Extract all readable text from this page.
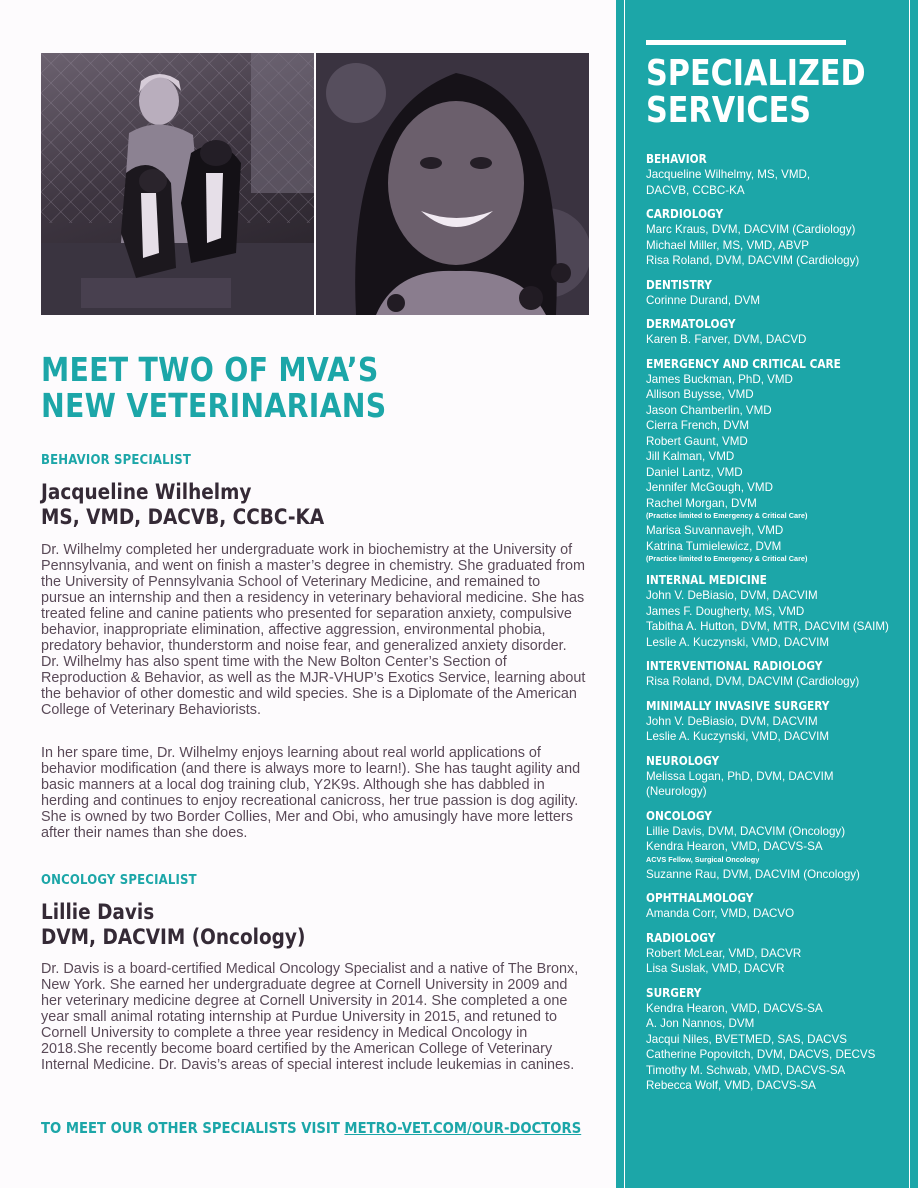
MEET TWO OF MVA’S
NEW VETERINARIANS
BEHAVIOR SPECIALIST
Jacqueline Wilhelmy
MS, VMD, DACVB, CCBC-KA

Dr. Wilhelmy completed her undergraduate work in biochemistry at the University of Pennsylvania, and went on finish a master’s degree in chemistry. She graduated from the University of Pennsylvania School of Veterinary Medicine, and remained to pursue an internship and then a residency in veterinary behavioral medicine. She has treated feline and canine patients who presented for separation anxiety, compulsive behavior, inappropriate elimination, affective aggression, environmental phobia, predatory behavior, thunderstorm and noise fear, and generalized anxiety disorder. Dr. Wilhelmy has also spent time with the New Bolton Center’s Section of Reproduction & Behavior, as well as the MJR-VHUP’s Exotics Service, learning about the behavior of other domestic and wild species. She is a Diplomate of the American College of Veterinary Behaviorists.

In her spare time, Dr. Wilhelmy enjoys learning about real world applications of behavior modification (and there is always more to learn!). She has taught agility and basic manners at a local dog training club, Y2K9s. Although she has dabbled in herding and continues to enjoy recreational canicross, her true passion is dog agility. She is owned by two Border Collies, Mer and Obi, who amusingly have more letters after their names than she does.

ONCOLOGY SPECIALIST
Lillie Davis
DVM, DACVIM (Oncology)

Dr. Davis is a board-certified Medical Oncology Specialist and a native of The Bronx, New York. She earned her undergraduate degree at Cornell University in 2009 and her veterinary medicine degree at Cornell University in 2014. She completed a one year small animal rotating internship at Purdue University in 2015, and retuned to Cornell University to complete a three year residency in Medical Oncology in 2018.She recently become board certified by the American College of Veterinary Internal Medicine. Dr. Davis’s areas of special interest include leukemias in canines.

TO MEET OUR OTHER SPECIALISTS VISIT METRO-VET.COM/OUR-DOCTORS

SPECIALIZED
SERVICES
BEHAVIOR
Jacqueline Wilhelmy, MS, VMD,
DACVB, CCBC-KA
CARDIOLOGY
Marc Kraus, DVM, DACVIM (Cardiology)
Michael Miller, MS, VMD, ABVP
Risa Roland, DVM, DACVIM (Cardiology)
DENTISTRY
Corinne Durand, DVM
DERMATOLOGY
Karen B. Farver, DVM, DACVD
EMERGENCY AND CRITICAL CARE
James Buckman, PhD, VMD
Allison Buysse, VMD
Jason Chamberlin, VMD
Cierra French, DVM
Robert Gaunt, VMD
Jill Kalman, VMD
Daniel Lantz, VMD
Jennifer McGough, VMD
Rachel Morgan, DVM
(Practice limited to Emergency & Critical Care)
Marisa Suvannavejh, VMD
Katrina Tumielewicz, DVM
(Practice limited to Emergency & Critical Care)
INTERNAL MEDICINE
John V. DeBiasio, DVM, DACVIM
James F. Dougherty, MS, VMD
Tabitha A. Hutton, DVM, MTR, DACVIM (SAIM)
Leslie A. Kuczynski, VMD, DACVIM
INTERVENTIONAL RADIOLOGY
Risa Roland, DVM, DACVIM (Cardiology)
MINIMALLY INVASIVE SURGERY
John V. DeBiasio, DVM, DACVIM
Leslie A. Kuczynski, VMD, DACVIM
NEUROLOGY
Melissa Logan, PhD, DVM, DACVIM
(Neurology)
ONCOLOGY
Lillie Davis, DVM, DACVIM (Oncology)
Kendra Hearon, VMD, DACVS-SA
ACVS Fellow, Surgical Oncology
Suzanne Rau, DVM, DACVIM (Oncology)
OPHTHALMOLOGY
Amanda Corr, VMD, DACVO
RADIOLOGY
Robert McLear, VMD, DACVR
Lisa Suslak, VMD, DACVR
SURGERY
Kendra Hearon, VMD, DACVS-SA
A. Jon Nannos, DVM
Jacqui Niles, BVETMED, SAS, DACVS
Catherine Popovitch, DVM, DACVS, DECVS
Timothy M. Schwab, VMD, DACVS-SA
Rebecca Wolf, VMD, DACVS-SA
